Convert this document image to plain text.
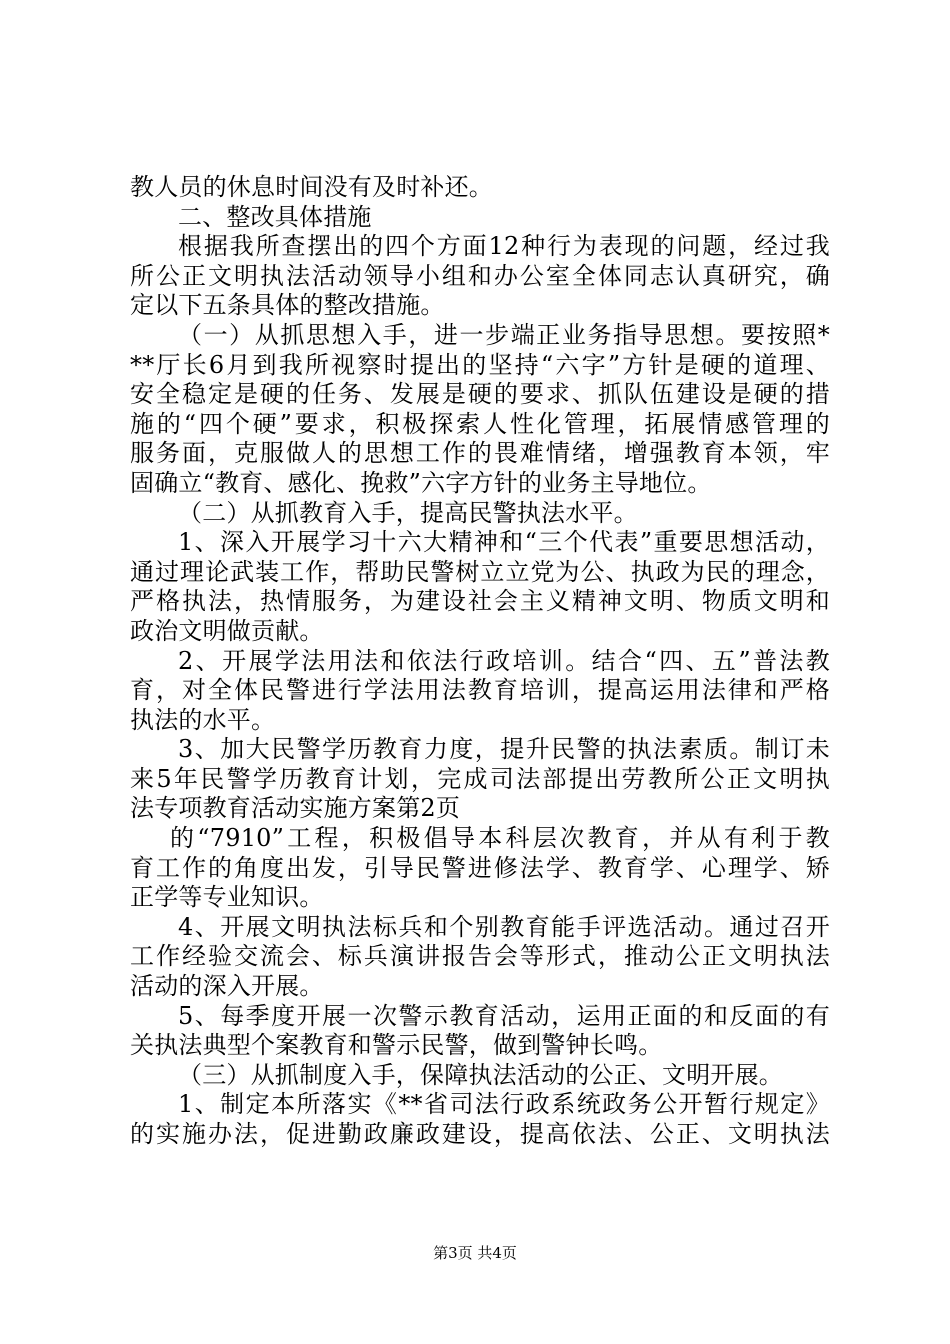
教人员的休息时间没有及时补还。
二、整改具体措施
根据我所查摆出的四个方面12种行为表现的问题，经过我
所公正文明执法活动领导小组和办公室全体同志认真研究，确
定以下五条具体的整改措施。
（一）从抓思想入手，进一步端正业务指导思想。要按照*
**厅长6月到我所视察时提出的坚持“六字”方针是硬的道理、
安全稳定是硬的任务、发展是硬的要求、抓队伍建设是硬的措
施的“四个硬”要求，积极探索人性化管理，拓展情感管理的
服务面，克服做人的思想工作的畏难情绪，增强教育本领，牢
固确立“教育、感化、挽救”六字方针的业务主导地位。
（二）从抓教育入手，提高民警执法水平。
1、深入开展学习十六大精神和“三个代表”重要思想活动，
通过理论武装工作，帮助民警树立立党为公、执政为民的理念，
严格执法，热情服务，为建设社会主义精神文明、物质文明和
政治文明做贡献。
2、开展学法用法和依法行政培训。结合“四、五”普法教
育，对全体民警进行学法用法教育培训，提高运用法律和严格
执法的水平。
3、加大民警学历教育力度，提升民警的执法素质。制订未
来5年民警学历教育计划，完成司法部提出劳教所公正文明执
法专项教育活动实施方案第2页
的“7910”工程，积极倡导本科层次教育，并从有利于教
育工作的角度出发，引导民警进修法学、教育学、心理学、矫
正学等专业知识。
4、开展文明执法标兵和个别教育能手评选活动。通过召开
工作经验交流会、标兵演讲报告会等形式，推动公正文明执法
活动的深入开展。
5、每季度开展一次警示教育活动，运用正面的和反面的有
关执法典型个案教育和警示民警，做到警钟长鸣。
（三）从抓制度入手，保障执法活动的公正、文明开展。
1、制定本所落实《**省司法行政系统政务公开暂行规定》
的实施办法，促进勤政廉政建设，提高依法、公正、文明执法
第3页 共4页
